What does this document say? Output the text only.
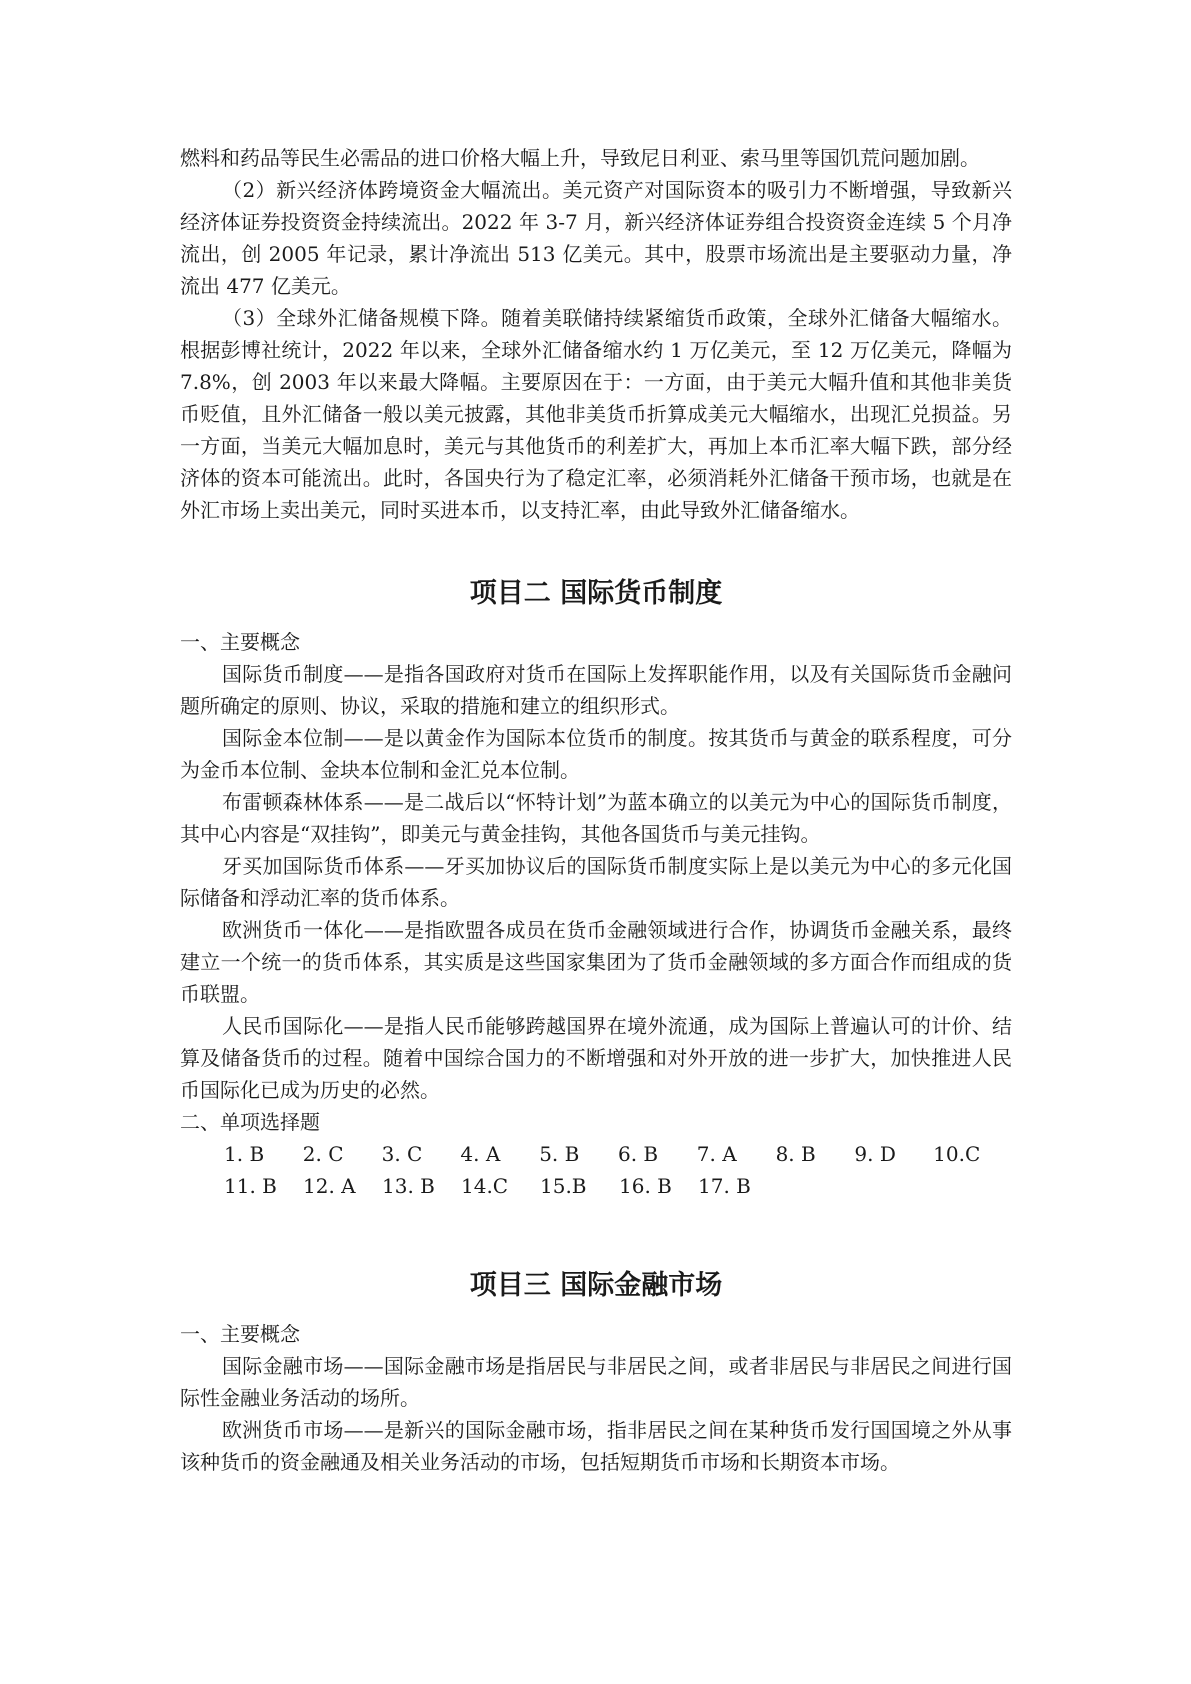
燃料和药品等民生必需品的进口价格大幅上升，导致尼日利亚、索马里等国饥荒问题加剧。

（2）新兴经济体跨境资金大幅流出。美元资产对国际资本的吸引力不断增强，导致新兴经济体证券投资资金持续流出。2022 年 3-7 月，新兴经济体证券组合投资资金连续 5 个月净流出，创 2005 年记录，累计净流出 513 亿美元。其中，股票市场流出是主要驱动力量，净流出 477 亿美元。

（3）全球外汇储备规模下降。随着美联储持续紧缩货币政策，全球外汇储备大幅缩水。根据彭博社统计，2022 年以来，全球外汇储备缩水约 1 万亿美元，至 12 万亿美元，降幅为 7.8%，创 2003 年以来最大降幅。主要原因在于：一方面，由于美元大幅升值和其他非美货币贬值，且外汇储备一般以美元披露，其他非美货币折算成美元大幅缩水，出现汇兑损益。另一方面，当美元大幅加息时，美元与其他货币的利差扩大，再加上本币汇率大幅下跌，部分经济体的资本可能流出。此时，各国央行为了稳定汇率，必须消耗外汇储备干预市场，也就是在外汇市场上卖出美元，同时买进本币，以支持汇率，由此导致外汇储备缩水。

项目二 国际货币制度

一、主要概念

国际货币制度——是指各国政府对货币在国际上发挥职能作用，以及有关国际货币金融问题所确定的原则、协议，采取的措施和建立的组织形式。

国际金本位制——是以黄金作为国际本位货币的制度。按其货币与黄金的联系程度，可分为金币本位制、金块本位制和金汇兑本位制。

布雷顿森林体系——是二战后以“怀特计划”为蓝本确立的以美元为中心的国际货币制度，其中心内容是“双挂钩”，即美元与黄金挂钩，其他各国货币与美元挂钩。

牙买加国际货币体系——牙买加协议后的国际货币制度实际上是以美元为中心的多元化国际储备和浮动汇率的货币体系。

欧洲货币一体化——是指欧盟各成员在货币金融领域进行合作，协调货币金融关系，最终建立一个统一的货币体系，其实质是这些国家集团为了货币金融领域的多方面合作而组成的货币联盟。

人民币国际化——是指人民币能够跨越国界在境外流通，成为国际上普遍认可的计价、结算及储备货币的过程。随着中国综合国力的不断增强和对外开放的进一步扩大，加快推进人民币国际化已成为历史的必然。

二、单项选择题

1. B	2. C	3. C	4. A	5. B	6. B	7. A	8. B	9. D	10.C
11. B	12. A	13. B	14.C	15.B	16. B	17. B
项目三 国际金融市场

一、主要概念

国际金融市场——国际金融市场是指居民与非居民之间，或者非居民与非居民之间进行国际性金融业务活动的场所。

欧洲货币市场——是新兴的国际金融市场，指非居民之间在某种货币发行国国境之外从事该种货币的资金融通及相关业务活动的市场，包括短期货币市场和长期资本市场。
